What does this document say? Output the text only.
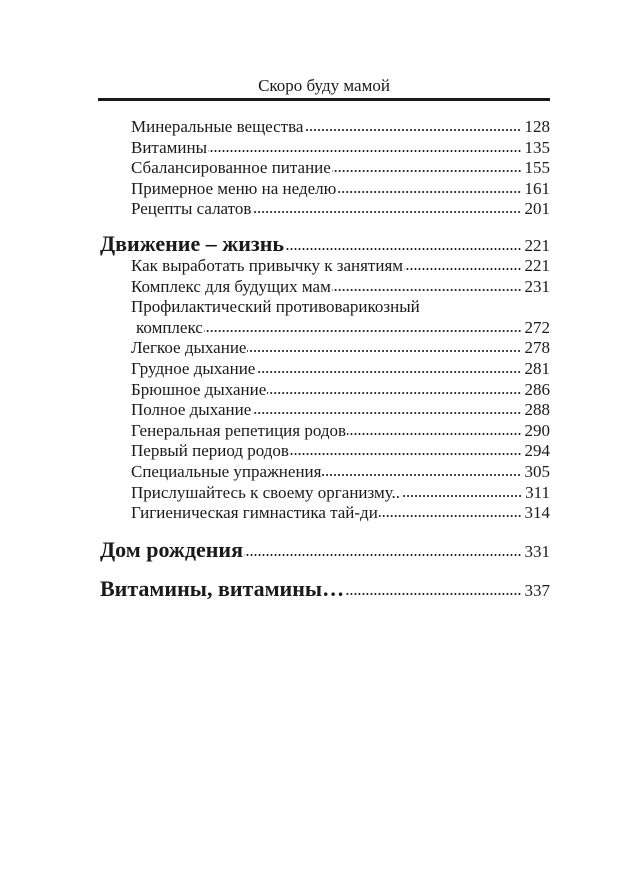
Скоро буду мамой
Минеральные вещества	128
Витамины	135
Сбалансированное питание	155
Примерное меню на неделю	161
Рецепты салатов	201
Движение – жизнь	221
Как выработать привычку к занятиям	221
Комплекс для будущих мам	231
Профилактический противоварикозный
комплекс	272
Легкое дыхание	278
Грудное дыхание	281
Брюшное дыхание	286
Полное дыхание	288
Генеральная репетиция родов	290
Первый период родов	294
Специальные упражнения	305
Прислушайтесь к своему организму..	311
Гигиеническая гимнастика тай-ди	314
Дом рождения	331
Витамины, витамины…	337
